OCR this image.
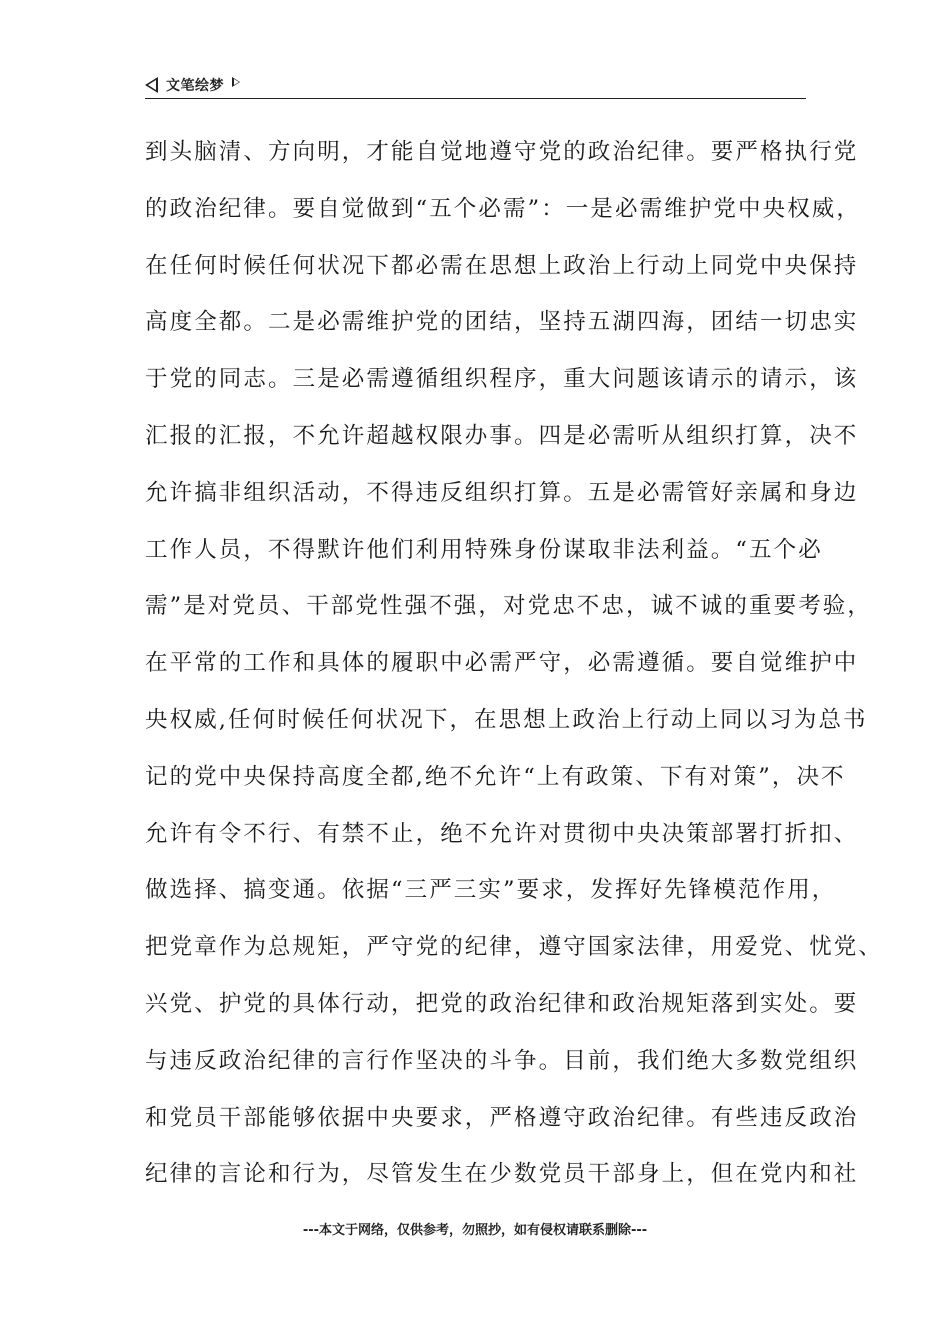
文笔绘梦
到头脑清、方向明，才能自觉地遵守党的政治纪律。要严格执行党
的政治纪律。要自觉做到“五个必需”：一是必需维护党中央权威，
在任何时候任何状况下都必需在思想上政治上行动上同党中央保持
高度全都。二是必需维护党的团结，坚持五湖四海，团结一切忠实
于党的同志。三是必需遵循组织程序，重大问题该请示的请示，该
汇报的汇报，不允许超越权限办事。四是必需听从组织打算，决不
允许搞非组织活动，不得违反组织打算。五是必需管好亲属和身边
工作人员，不得默许他们利用特殊身份谋取非法利益。“五个必
需”是对党员、干部党性强不强，对党忠不忠，诚不诚的重要考验，
在平常的工作和具体的履职中必需严守，必需遵循。要自觉维护中
央权威,任何时候任何状况下，在思想上政治上行动上同以习为总书
记的党中央保持高度全都,绝不允许“上有政策、下有对策”，决不
允许有令不行、有禁不止，绝不允许对贯彻中央决策部署打折扣、
做选择、搞变通。依据“三严三实”要求，发挥好先锋模范作用，
把党章作为总规矩，严守党的纪律，遵守国家法律，用爱党、忧党、
兴党、护党的具体行动，把党的政治纪律和政治规矩落到实处。要
与违反政治纪律的言行作坚决的斗争。目前，我们绝大多数党组织
和党员干部能够依据中央要求，严格遵守政治纪律。有些违反政治
纪律的言论和行为，尽管发生在少数党员干部身上，但在党内和社
---本文于网络，仅供参考，勿照抄，如有侵权请联系删除---
